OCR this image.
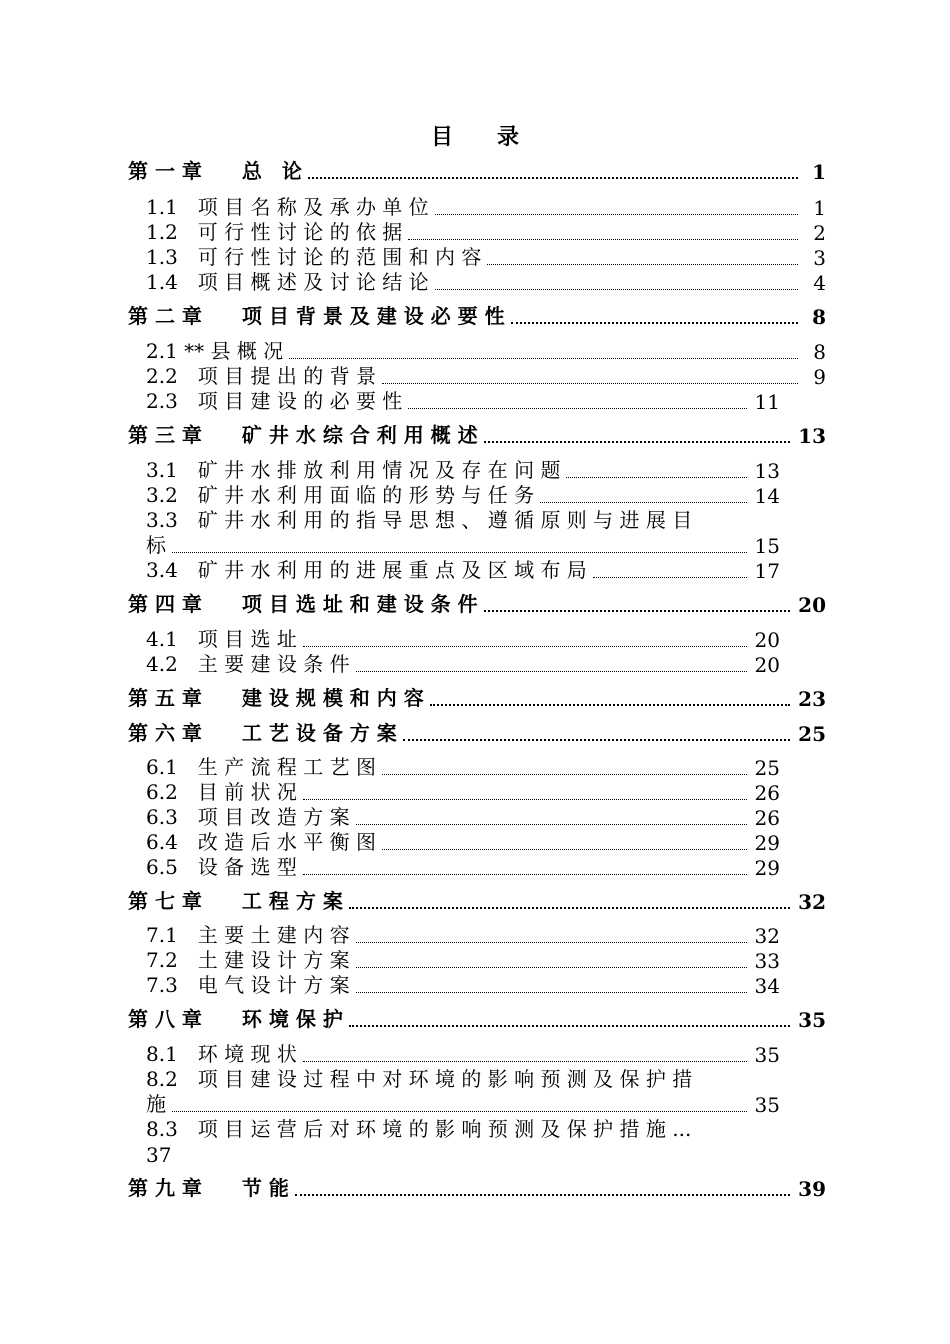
目　　录
第 一 章　　总　论	1
1.1　项 目 名 称 及 承 办 单 位	1
1.2　可 行 性 讨 论 的 依 据	2
1.3　可 行 性 讨 论 的 范 围 和 内 容	3
1.4　项 目 概 述 及 讨 论 结 论	4
第 二 章　　项 目 背 景 及 建 设 必 要 性	8
2.1 ** 县 概 况	8
2.2　项 目 提 出 的 背 景	9
2.3　项 目 建 设 的 必 要 性	11
第 三 章　　矿 井 水 综 合 利 用 概 述	13
3.1　矿 井 水 排 放 利 用 情 况 及 存 在 问 题	13
3.2　矿 井 水 利 用 面 临 的 形 势 与 任 务	14
3.3　矿 井 水 利 用 的 指 导 思 想 、 遵 循 原 则 与 进 展 目
标	15
3.4　矿 井 水 利 用 的 进 展 重 点 及 区 域 布 局	17
第 四 章　　项 目 选 址 和 建 设 条 件	20
4.1　项 目 选 址	20
4.2　主 要 建 设 条 件	20
第 五 章　　建 设 规 模 和 内 容	23
第 六 章　　工 艺 设 备 方 案	25
6.1　生 产 流 程 工 艺 图	25
6.2　目 前 状 况	26
6.3　项 目 改 造 方 案	26
6.4　改 造 后 水 平 衡 图	29
6.5　设 备 选 型	29
第 七 章　　工 程 方 案	32
7.1　主 要 土 建 内 容	32
7.2　土 建 设 计 方 案	33
7.3　电 气 设 计 方 案	34
第 八 章　　环 境 保 护	35
8.1　环 境 现 状	35
8.2　项 目 建 设 过 程 中 对 环 境 的 影 响 预 测 及 保 护 措
施	35
8.3　项 目 运 营 后 对 环 境 的 影 响 预 测 及 保 护 措 施 ...
37
第 九 章　　节 能	39
